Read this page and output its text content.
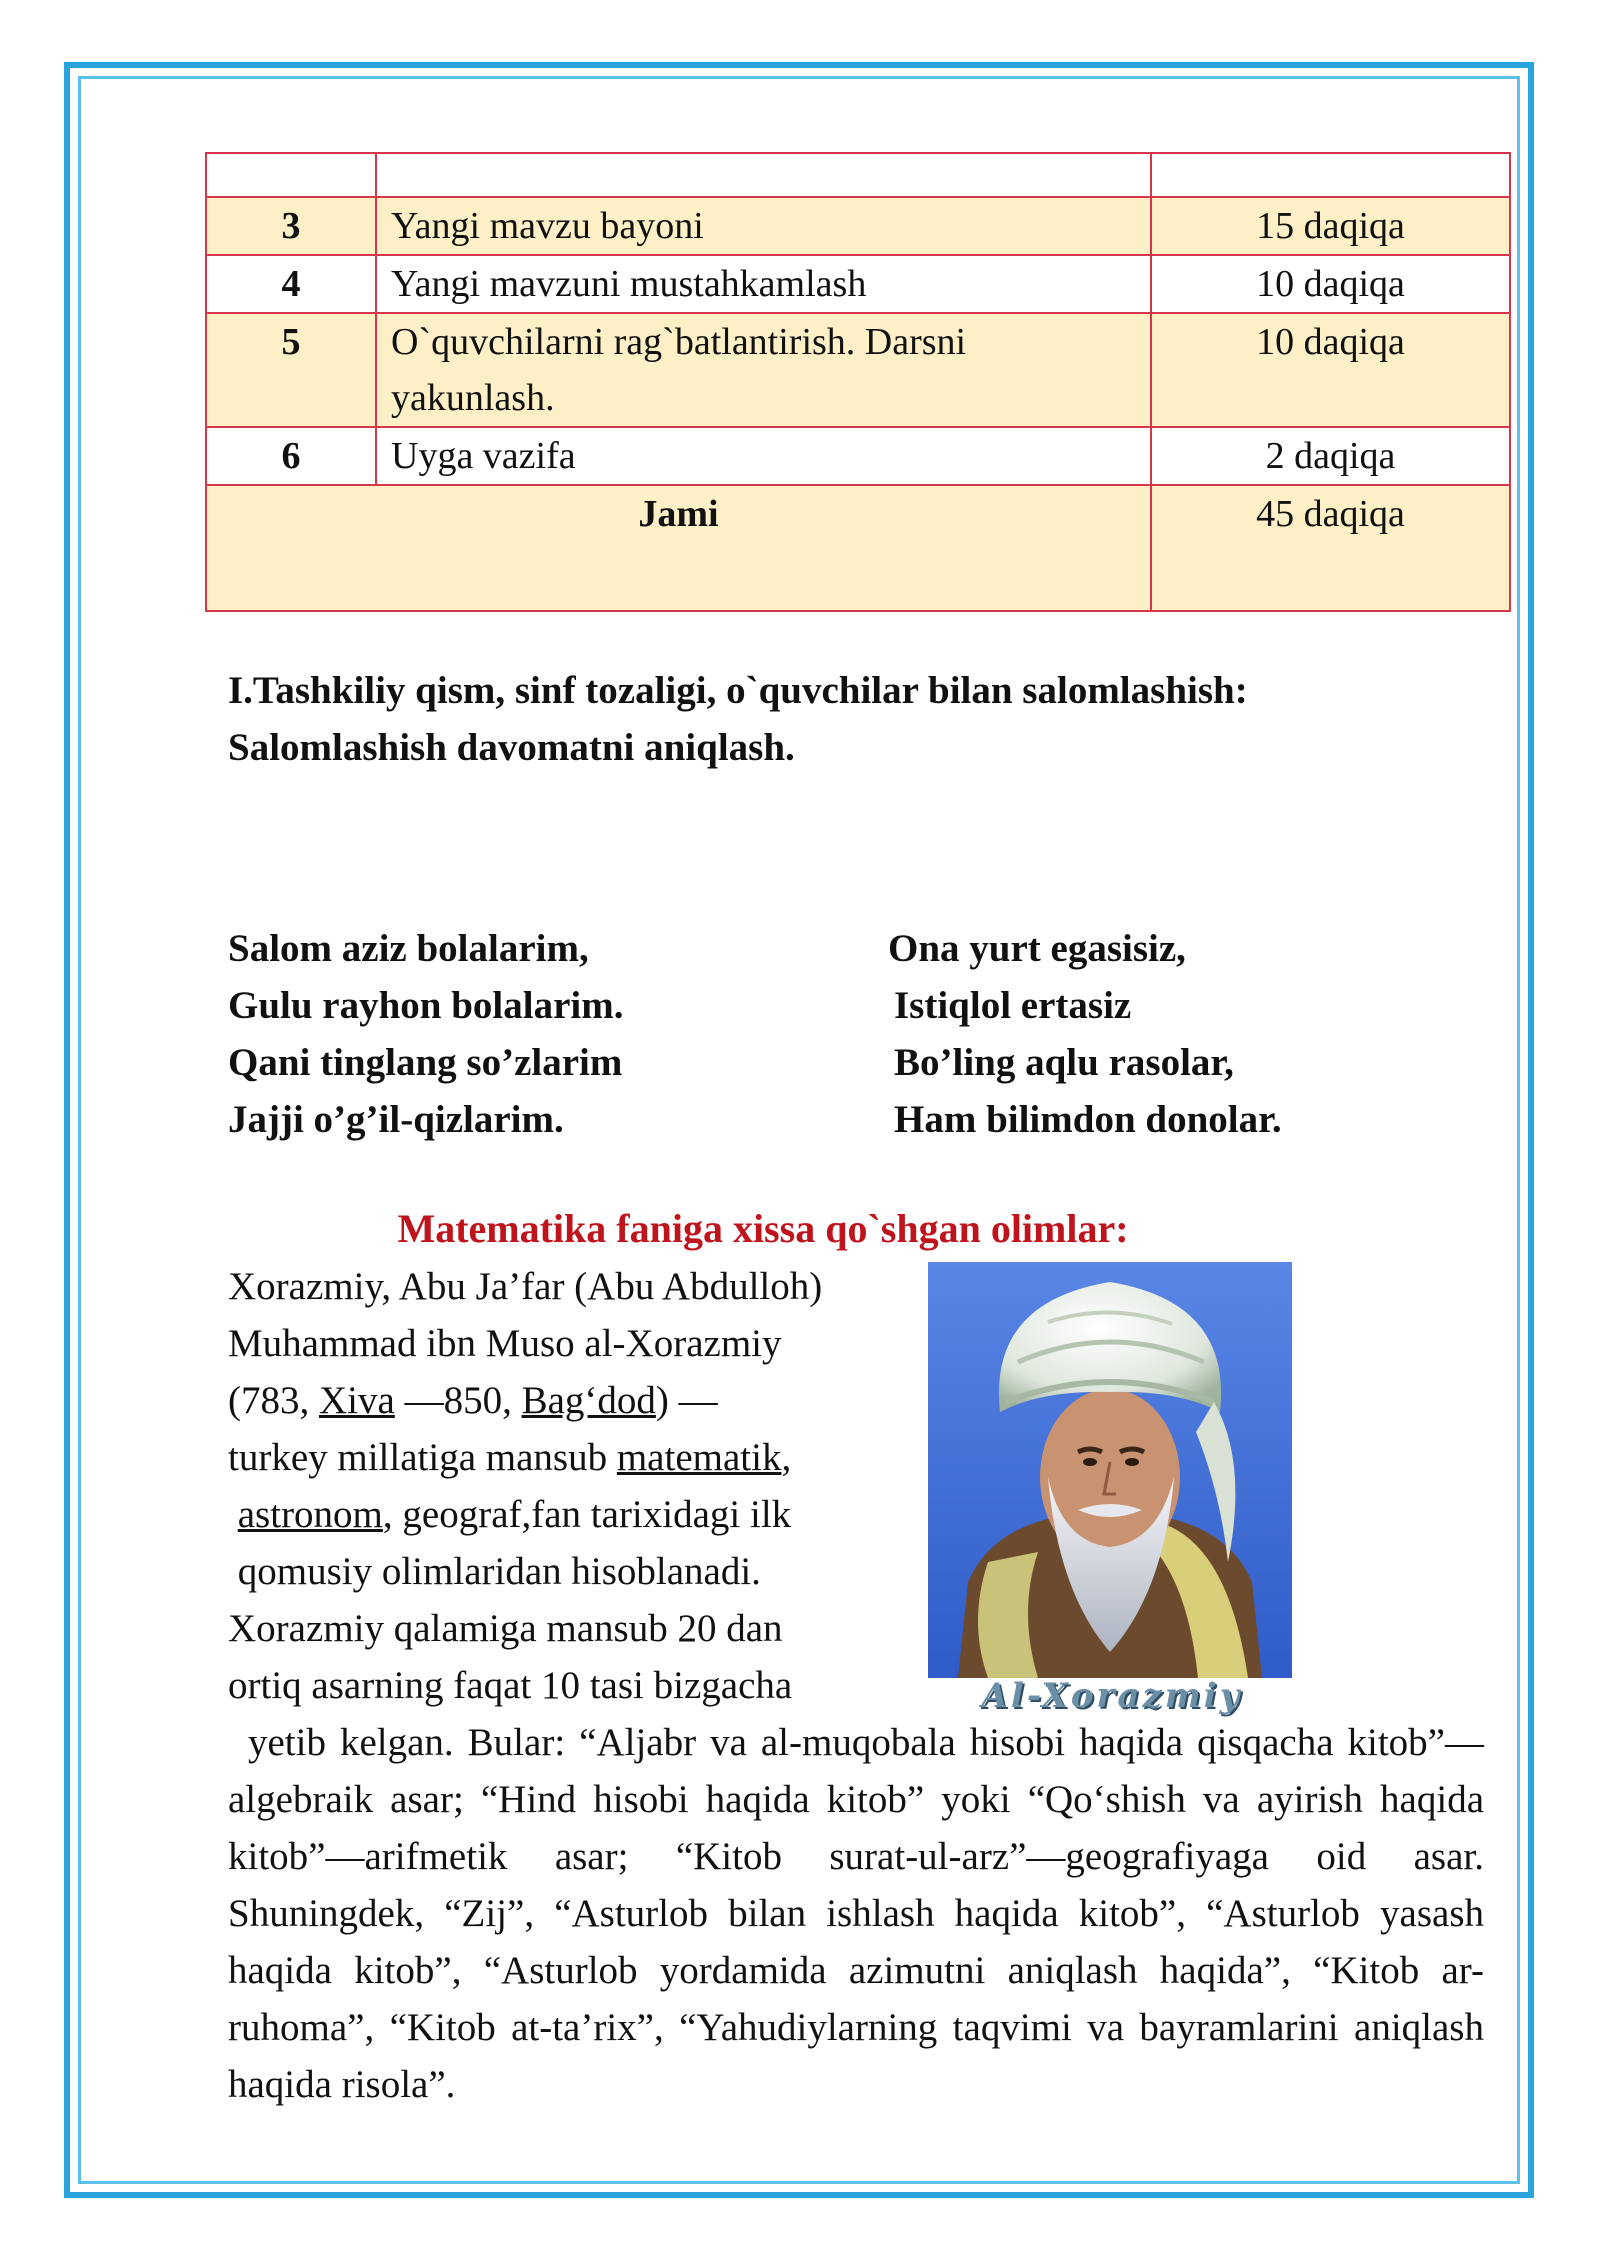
3	Yangi mavzu bayoni	15 daqiqa
4	Yangi mavzuni mustahkamlash	10 daqiqa
5	O`quvchilarni rag`batlantirish. Darsni yakunlash.	10 daqiqa
6	Uyga vazifa	2 daqiqa
Jami		45 daqiqa
I.Tashkiliy qism, sinf tozaligi, o`quvchilar bilan salomlashish:
Salomlashish davomatni aniqlash.
Salom aziz bolalarim,
Gulu rayhon bolalarim.
Qani tinglang so’zlarim
Jajji o’g’il-qizlarim.
Ona yurt egasisiz,
Istiqlol ertasiz
Bo’ling aqlu rasolar,
Ham bilimdon donolar.
Matematika faniga xissa qo`shgan olimlar:
Xorazmiy, Abu Ja’far (Abu Abdulloh)
Muhammad ibn Muso al-Xorazmiy
(783, Xiva —850, Bag‘dod) —
turkey millatiga mansub matematik,
astronom, geograf,fan tarixidagi ilk
qomusiy olimlaridan hisoblanadi.
Xorazmiy qalamiga mansub 20 dan
ortiq asarning faqat 10 tasi bizgacha	Al-Xorazmiy
yetib kelgan. Bular: “Aljabr va al-muqobala hisobi haqida qisqacha kitob”—algebraik asar; “Hind hisobi haqida kitob” yoki “Qo‘shish va ayirish haqida kitob”—arifmetik asar; “Kitob surat-ul-arz”—geografiyaga oid asar. Shuningdek, “Zij”, “Asturlob bilan ishlash haqida kitob”, “Asturlob yasash haqida kitob”, “Asturlob yordamida azimutni aniqlash haqida”, “Kitob ar-ruhoma”, “Kitob at-ta’rix”, “Yahudiylarning taqvimi va bayramlarini aniqlash haqida risola”.
